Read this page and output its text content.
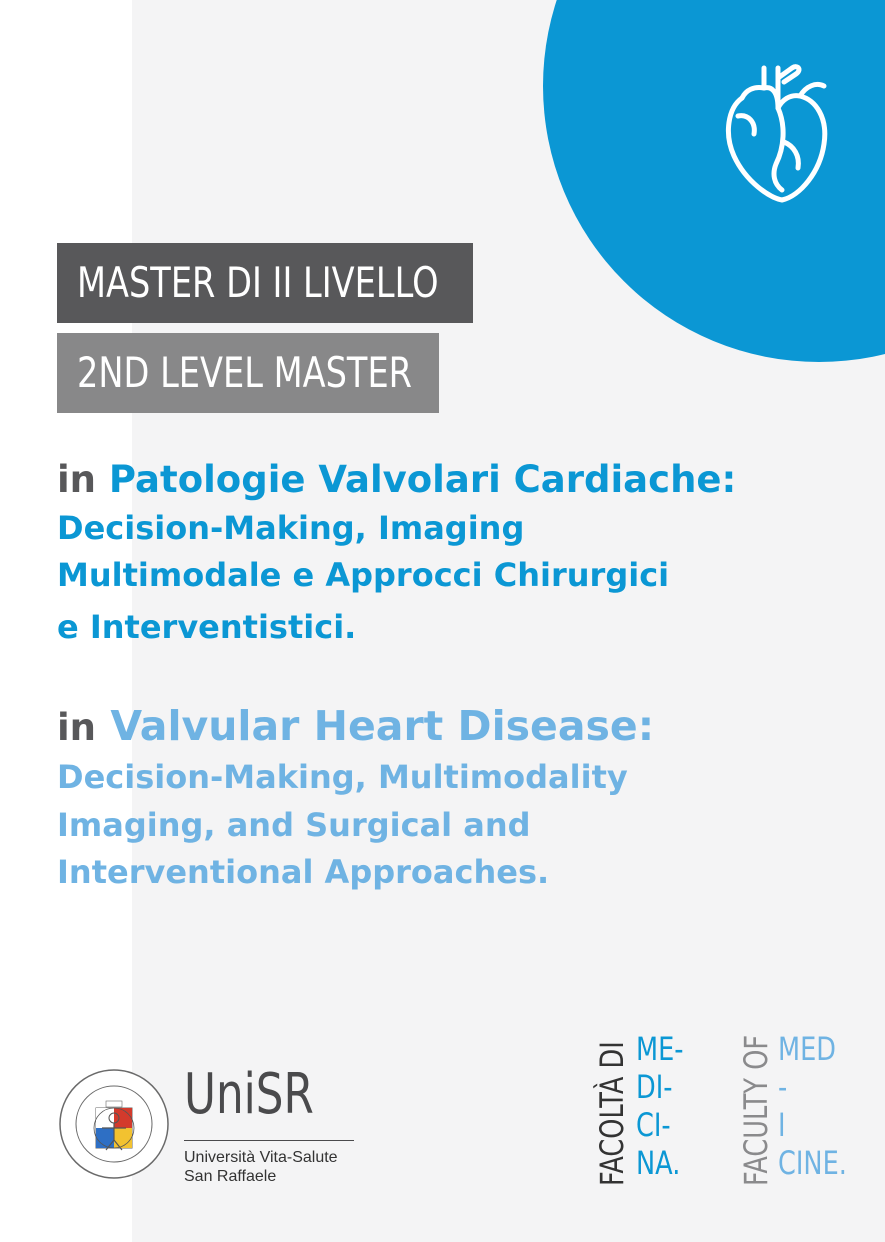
MASTER DI II LIVELLO
2ND LEVEL MASTER
in Patologie Valvolari Cardiache:
Decision-Making, Imaging
Multimodale e Approcci Chirurgici
e Interventistici.
in Valvular Heart Disease:
Decision-Making, Multimodality
Imaging, and Surgical and
Interventional Approaches.
UniSR
Università Vita-Salute
San Raffaele	FACOLTÀ DI ME-
DI-
CI-
NA. FACULTY OF MED
-
I
CINE.
